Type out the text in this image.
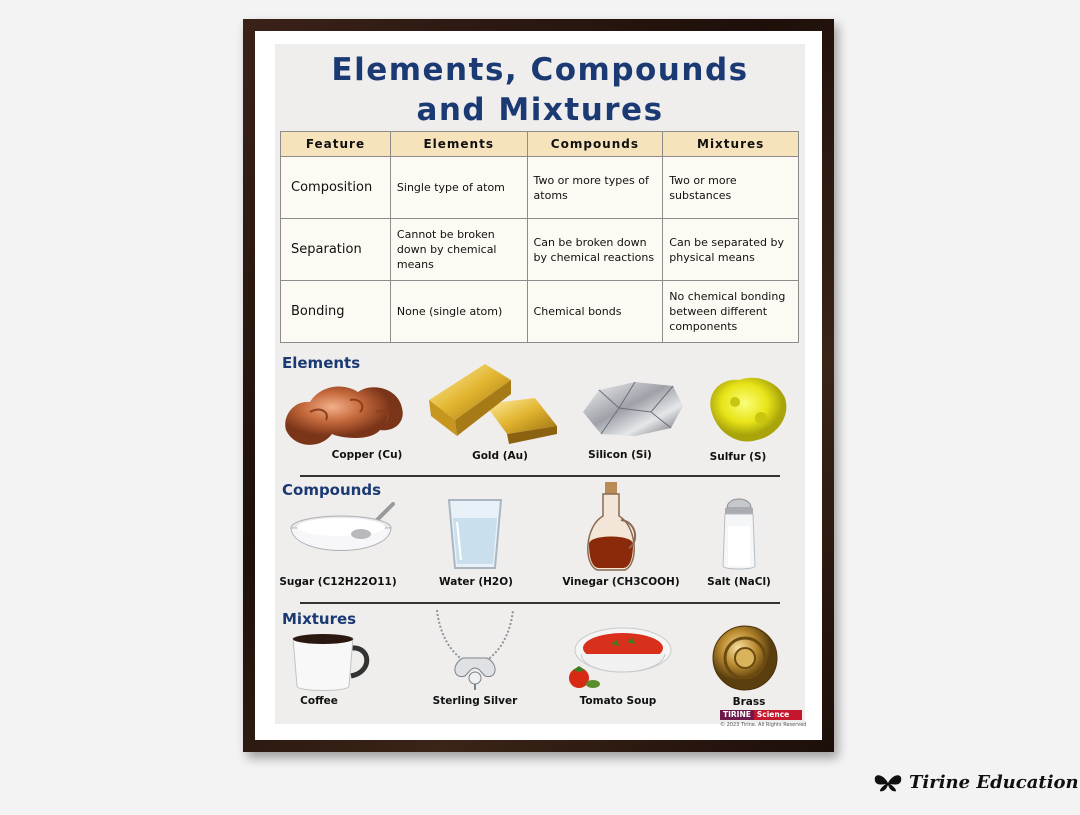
Elements, Compounds
and Mixtures
Feature	Elements	Compounds	Mixtures
Composition	Single type of atom	Two or more types of atoms	Two or more substances
Separation	Cannot be broken down by chemical means	Can be broken down by chemical reactions	Can be separated by physical means
Bonding	None (single atom)	Chemical bonds	No chemical bonding between different components
Elements
Copper (Cu)	Gold (Au)	Silicon (Si)	Sulfur (S)
Compounds
Sugar (C12H22O11)	Water (H2O)	Vinegar (CH3COOH)	Salt (NaCl)
Mixtures
Coffee	Sterling Silver	Tomato Soup	Brass
TIRINE Science
© 2023 Tirine. All Rights Reserved
Tirine Education
